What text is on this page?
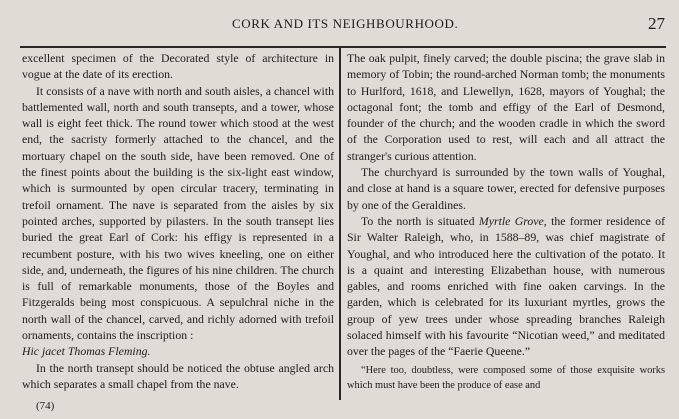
CORK AND ITS NEIGHBOURHOOD.	27

excellent specimen of the Decorated style of architecture in vogue at the date of its erection.

It consists of a nave with north and south aisles, a chancel with battlemented wall, north and south transepts, and a tower, whose wall is eight feet thick. The round tower which stood at the west end, the sacristy formerly attached to the chancel, and the mortuary chapel on the south side, have been removed. One of the finest points about the building is the six-light east window, which is surmounted by open circular tracery, terminating in trefoil ornament. The nave is separated from the aisles by six pointed arches, supported by pilasters. In the south transept lies buried the great Earl of Cork: his effigy is represented in a recumbent posture, with his two wives kneeling, one on either side, and, underneath, the figures of his nine children. The church is full of remarkable monuments, those of the Boyles and Fitzgeralds being most conspicuous. A sepulchral niche in the north wall of the chancel, carved, and richly adorned with trefoil ornaments, contains the inscription :

Hic jacet Thomas Fleming.

In the north transept should be noticed the obtuse angled arch which separates a small chapel from the nave.

The oak pulpit, finely carved; the double piscina; the grave slab in memory of Tobin; the round-arched Norman tomb; the monuments to Hurlford, 1618, and Llewellyn, 1628, mayors of Youghal; the octagonal font; the tomb and effigy of the Earl of Desmond, founder of the church; and the wooden cradle in which the sword of the Corporation used to rest, will each and all attract the stranger's curious attention.

The churchyard is surrounded by the town walls of Youghal, and close at hand is a square tower, erected for defensive purposes by one of the Geraldines.

To the north is situated Myrtle Grove, the former residence of Sir Walter Raleigh, who, in 1588–89, was chief magistrate of Youghal, and who introduced here the cultivation of the potato. It is a quaint and interesting Elizabethan house, with numerous gables, and rooms enriched with fine oaken carvings. In the garden, which is celebrated for its luxuriant myrtles, grows the group of yew trees under whose spreading branches Raleigh solaced himself with his favourite “Nicotian weed,” and meditated over the pages of the “Faerie Queene.”

“Here too, doubtless, were composed some of those exquisite works which must have been the produce of ease and

(74)
